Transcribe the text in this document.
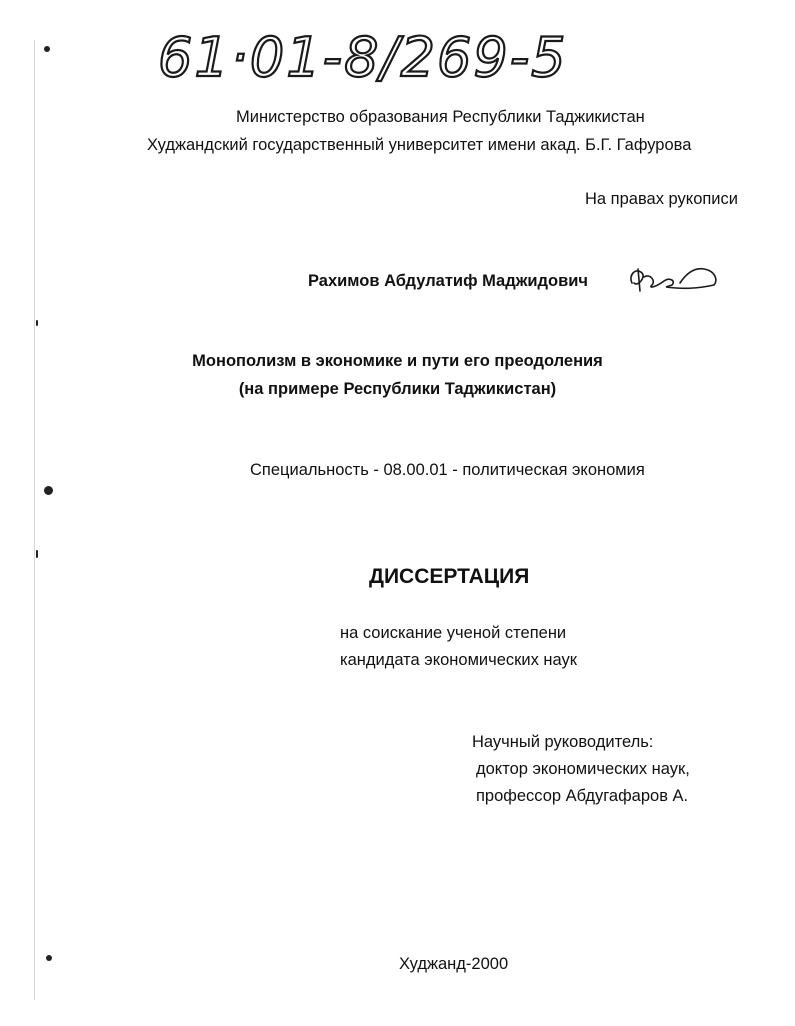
61·01-8/269-5
Министерство образования Республики Таджикистан
Худжандский государственный университет имени акад. Б.Г. Гафурова
На правах рукописи
Рахимов Абдулатиф Маджидович
Монополизм в экономике и пути его преодоления
(на примере Республики Таджикистан)
Специальность - 08.00.01 - политическая экономия
ДИССЕРТАЦИЯ
на соискание ученой степени
кандидата экономических наук
Научный руководитель:
доктор экономических наук,
профессор Абдугафаров А.
Худжанд-2000
